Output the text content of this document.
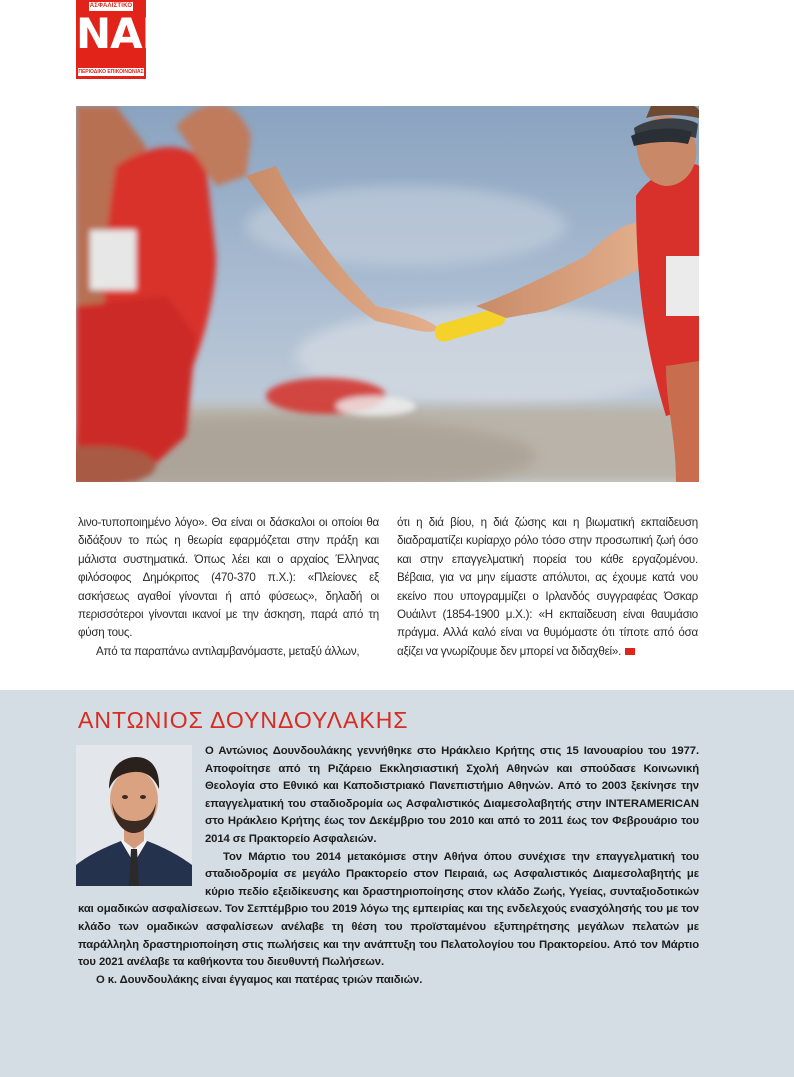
ΑΣΦΑΛΙΣΤΙΚΟ
ΝΑΙ
ΠΕΡΙΟΔΙΚΟ ΕΠΙΚΟΙΝΩΝΙΑΣ

λινο-τυποποιημένο λόγο». Θα είναι οι δάσκαλοι οι οποίοι θα διδάξουν το πώς η θεωρία εφαρμόζεται στην πράξη και μάλιστα συστηματικά. Όπως λέει και ο αρχαίος Έλληνας φιλόσοφος Δημόκριτος (470-370 π.Χ.): «Πλείονες εξ ασκήσεως αγαθοί γίνονται ή από φύσεως», δηλαδή οι περισσότεροι γίνονται ικανοί με την άσκηση, παρά από τη φύση τους.

Από τα παραπάνω αντιλαμβανόμαστε, μεταξύ άλλων,

ότι η διά βίου, η διά ζώσης και η βιωματική εκπαίδευση διαδραματίζει κυρίαρχο ρόλο τόσο στην προσωπική ζωή όσο και στην επαγγελματική πορεία του κάθε εργαζομένου. Βέβαια, για να μην είμαστε απόλυτοι, ας έχουμε κατά νου εκείνο που υπογραμμίζει ο Ιρλανδός συγγραφέας Όσκαρ Ουάιλντ (1854-1900 μ.Χ.): «Η εκπαίδευση είναι θαυμάσιο πράγμα. Αλλά καλό είναι να θυμόμαστε ότι τίποτε από όσα αξίζει να γνωρίζουμε δεν μπορεί να διδαχθεί».

ΑΝΤΩΝΙΟΣ ΔΟΥΝΔΟΥΛΑΚΗΣ

Ο Αντώνιος Δουνδουλάκης γεννήθηκε στο Ηράκλειο Κρήτης στις 15 Ιανουαρίου του 1977. Αποφοίτησε από τη Ριζάρειο Εκκλησιαστική Σχολή Αθηνών και σπούδασε Κοινωνική Θεολογία στο Εθνικό και Καποδιστριακό Πανεπιστήμιο Αθηνών. Από το 2003 ξεκίνησε την επαγγελματική του σταδιοδρομία ως Ασφαλιστικός Διαμεσολαβητής στην INTERAMERICAN στο Ηράκλειο Κρήτης έως τον Δεκέμβριο του 2010 και από το 2011 έως τον Φεβρουάριο του 2014 σε Πρακτορείο Ασφαλειών.

Τον Μάρτιο του 2014 μετακόμισε στην Αθήνα όπου συνέχισε την επαγγελματική του σταδιοδρομία σε μεγάλο Πρακτορείο στον Πειραιά, ως Ασφαλιστικός Διαμεσολαβητής με κύριο πεδίο εξειδίκευσης και δραστηριοποίησης στον κλάδο Ζωής, Υγείας, συνταξιοδοτικών και ομαδικών ασφαλίσεων. Τον Σεπτέμβριο του 2019 λόγω της εμπειρίας και της ενδελεχούς ενασχόλησής του με τον κλάδο των ομαδικών ασφαλίσεων ανέλαβε τη θέση του προϊσταμένου εξυπηρέτησης μεγάλων πελατών με παράλληλη δραστηριοποίηση στις πωλήσεις και την ανάπτυξη του Πελατολογίου του Πρακτορείου. Από τον Μάρτιο του 2021 ανέλαβε τα καθήκοντα του διευθυντή Πωλήσεων.

Ο κ. Δουνδουλάκης είναι έγγαμος και πατέρας τριών παιδιών.
